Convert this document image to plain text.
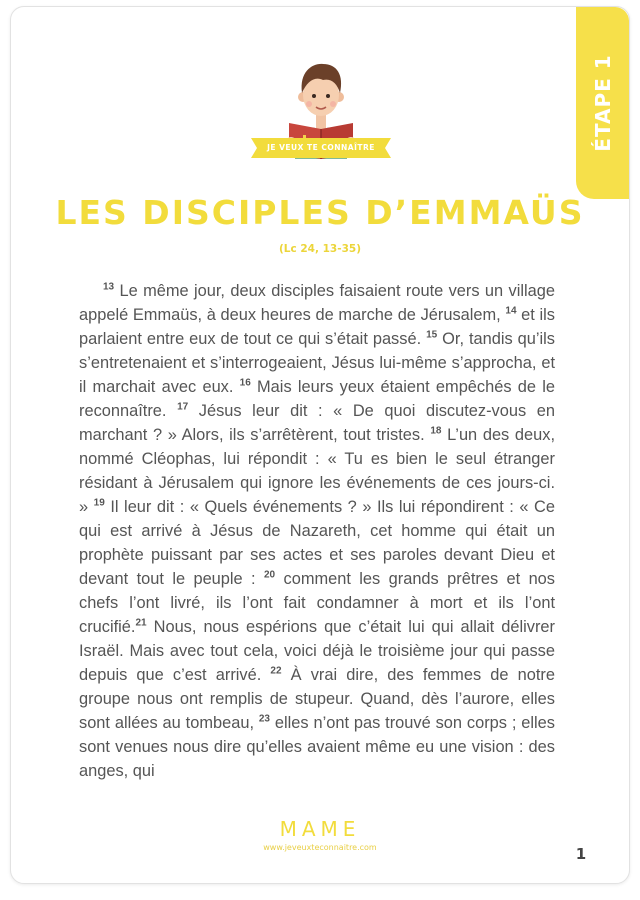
ÉTAPE 1
JE VEUX TE CONNAÎTRE
LES DISCIPLES D’EMMAÜS
(Lc 24, 13-35)

$^{13}$ Le même jour, deux disciples faisaient route vers un village appelé Emmaüs, à deux heures de marche de Jérusalem, $^{14}$ et ils parlaient entre eux de tout ce qui s’était passé. $^{15}$ Or, tandis qu’ils s’entretenaient et s’interrogeaient, Jésus lui-même s’approcha, et il marchait avec eux. $^{16}$ Mais leurs yeux étaient empêchés de le reconnaître. $^{17}$ Jésus leur dit : « De quoi discutez-vous en marchant ? » Alors, ils s’arrêtèrent, tout tristes. $^{18}$ L’un des deux, nommé Cléophas, lui répondit : « Tu es bien le seul étranger résidant à Jérusalem qui ignore les événements de ces jours-ci. » $^{19}$ Il leur dit : « Quels événements ? » Ils lui répondirent : « Ce qui est arrivé à Jésus de Nazareth, cet homme qui était un prophète puissant par ses actes et ses paroles devant Dieu et devant tout le peuple : $^{20}$ comment les grands prêtres et nos chefs l’ont livré, ils l’ont fait condamner à mort et ils l’ont crucifié.$^{21}$ Nous, nous espérions que c’était lui qui allait délivrer Israël. Mais avec tout cela, voici déjà le troisième jour qui passe depuis que c’est arrivé. $^{22}$ À vrai dire, des femmes de notre groupe nous ont remplis de stupeur. Quand, dès l’aurore, elles sont allées au tombeau, $^{23}$ elles n’ont pas trouvé son corps ; elles sont venues nous dire qu’elles avaient même eu une vision : des anges, qui

MAME
www.jeveuxteconnaitre.com	1
